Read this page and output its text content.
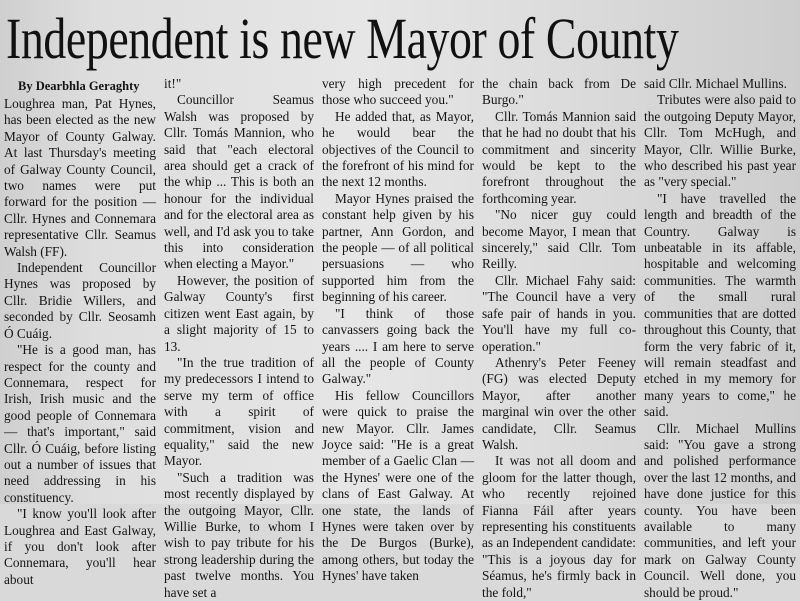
Independent is new Mayor of County

By Dearbhla Geraghty

Loughrea man, Pat Hynes, has been elected as the new Mayor of County Galway. At last Thursday's meeting of Galway County Council, two names were put forward for the position — Cllr. Hynes and Connemara representative Cllr. Seamus Walsh (FF).

Independent Councillor Hynes was proposed by Cllr. Bridie Willers, and seconded by Cllr. Seosamh Ó Cuáig.

"He is a good man, has respect for the county and Connemara, respect for Irish, Irish music and the good people of Connemara — that's important," said Cllr. Ó Cuáig, before listing out a number of issues that need addressing in his constituency.

"I know you'll look after Loughrea and East Galway, if you don't look after Connemara, you'll hear about

it!"

Councillor Seamus Walsh was proposed by Cllr. Tomás Mannion, who said that "each electoral area should get a crack of the whip ... This is both an honour for the individual and for the electoral area as well, and I'd ask you to take this into consideration when electing a Mayor."

However, the position of Galway County's first citizen went East again, by a slight majority of 15 to 13.

"In the true tradition of my predecessors I intend to serve my term of office with a spirit of commitment, vision and equality," said the new Mayor.

"Such a tradition was most recently displayed by the outgoing Mayor, Cllr. Willie Burke, to whom I wish to pay tribute for his strong leadership during the past twelve months. You have set a

very high precedent for those who succeed you."

He added that, as Mayor, he would bear the objectives of the Council to the forefront of his mind for the next 12 months.

Mayor Hynes praised the constant help given by his partner, Ann Gordon, and the people — of all political persuasions — who supported him from the beginning of his career.

"I think of those canvassers going back the years .... I am here to serve all the people of County Galway."

His fellow Councillors were quick to praise the new Mayor. Cllr. James Joyce said: "He is a great member of a Gaelic Clan — the Hynes' were one of the clans of East Galway. At one state, the lands of Hynes were taken over by the De Burgos (Burke), among others, but today the Hynes' have taken

the chain back from De Burgo."

Cllr. Tomás Mannion said that he had no doubt that his commitment and sincerity would be kept to the forefront throughout the forthcoming year.

"No nicer guy could become Mayor, I mean that sincerely," said Cllr. Tom Reilly.

Cllr. Michael Fahy said: "The Council have a very safe pair of hands in you. You'll have my full co-operation."

Athenry's Peter Feeney (FG) was elected Deputy Mayor, after another marginal win over the other candidate, Cllr. Seamus Walsh.

It was not all doom and gloom for the latter though, who recently rejoined Fianna Fáil after years representing his constituents as an Independent candidate: "This is a joyous day for Séamus, he's firmly back in the fold,"

said Cllr. Michael Mullins.

Tributes were also paid to the outgoing Deputy Mayor, Cllr. Tom McHugh, and Mayor, Cllr. Willie Burke, who described his past year as "very special."

"I have travelled the length and breadth of the Country. Galway is unbeatable in its affable, hospitable and welcoming communities. The warmth of the small rural communities that are dotted throughout this County, that form the very fabric of it, will remain steadfast and etched in my memory for many years to come," he said.

Cllr. Michael Mullins said: "You gave a strong and polished performance over the last 12 months, and have done justice for this county. You have been available to many communities, and left your mark on Galway County Council. Well done, you should be proud."
